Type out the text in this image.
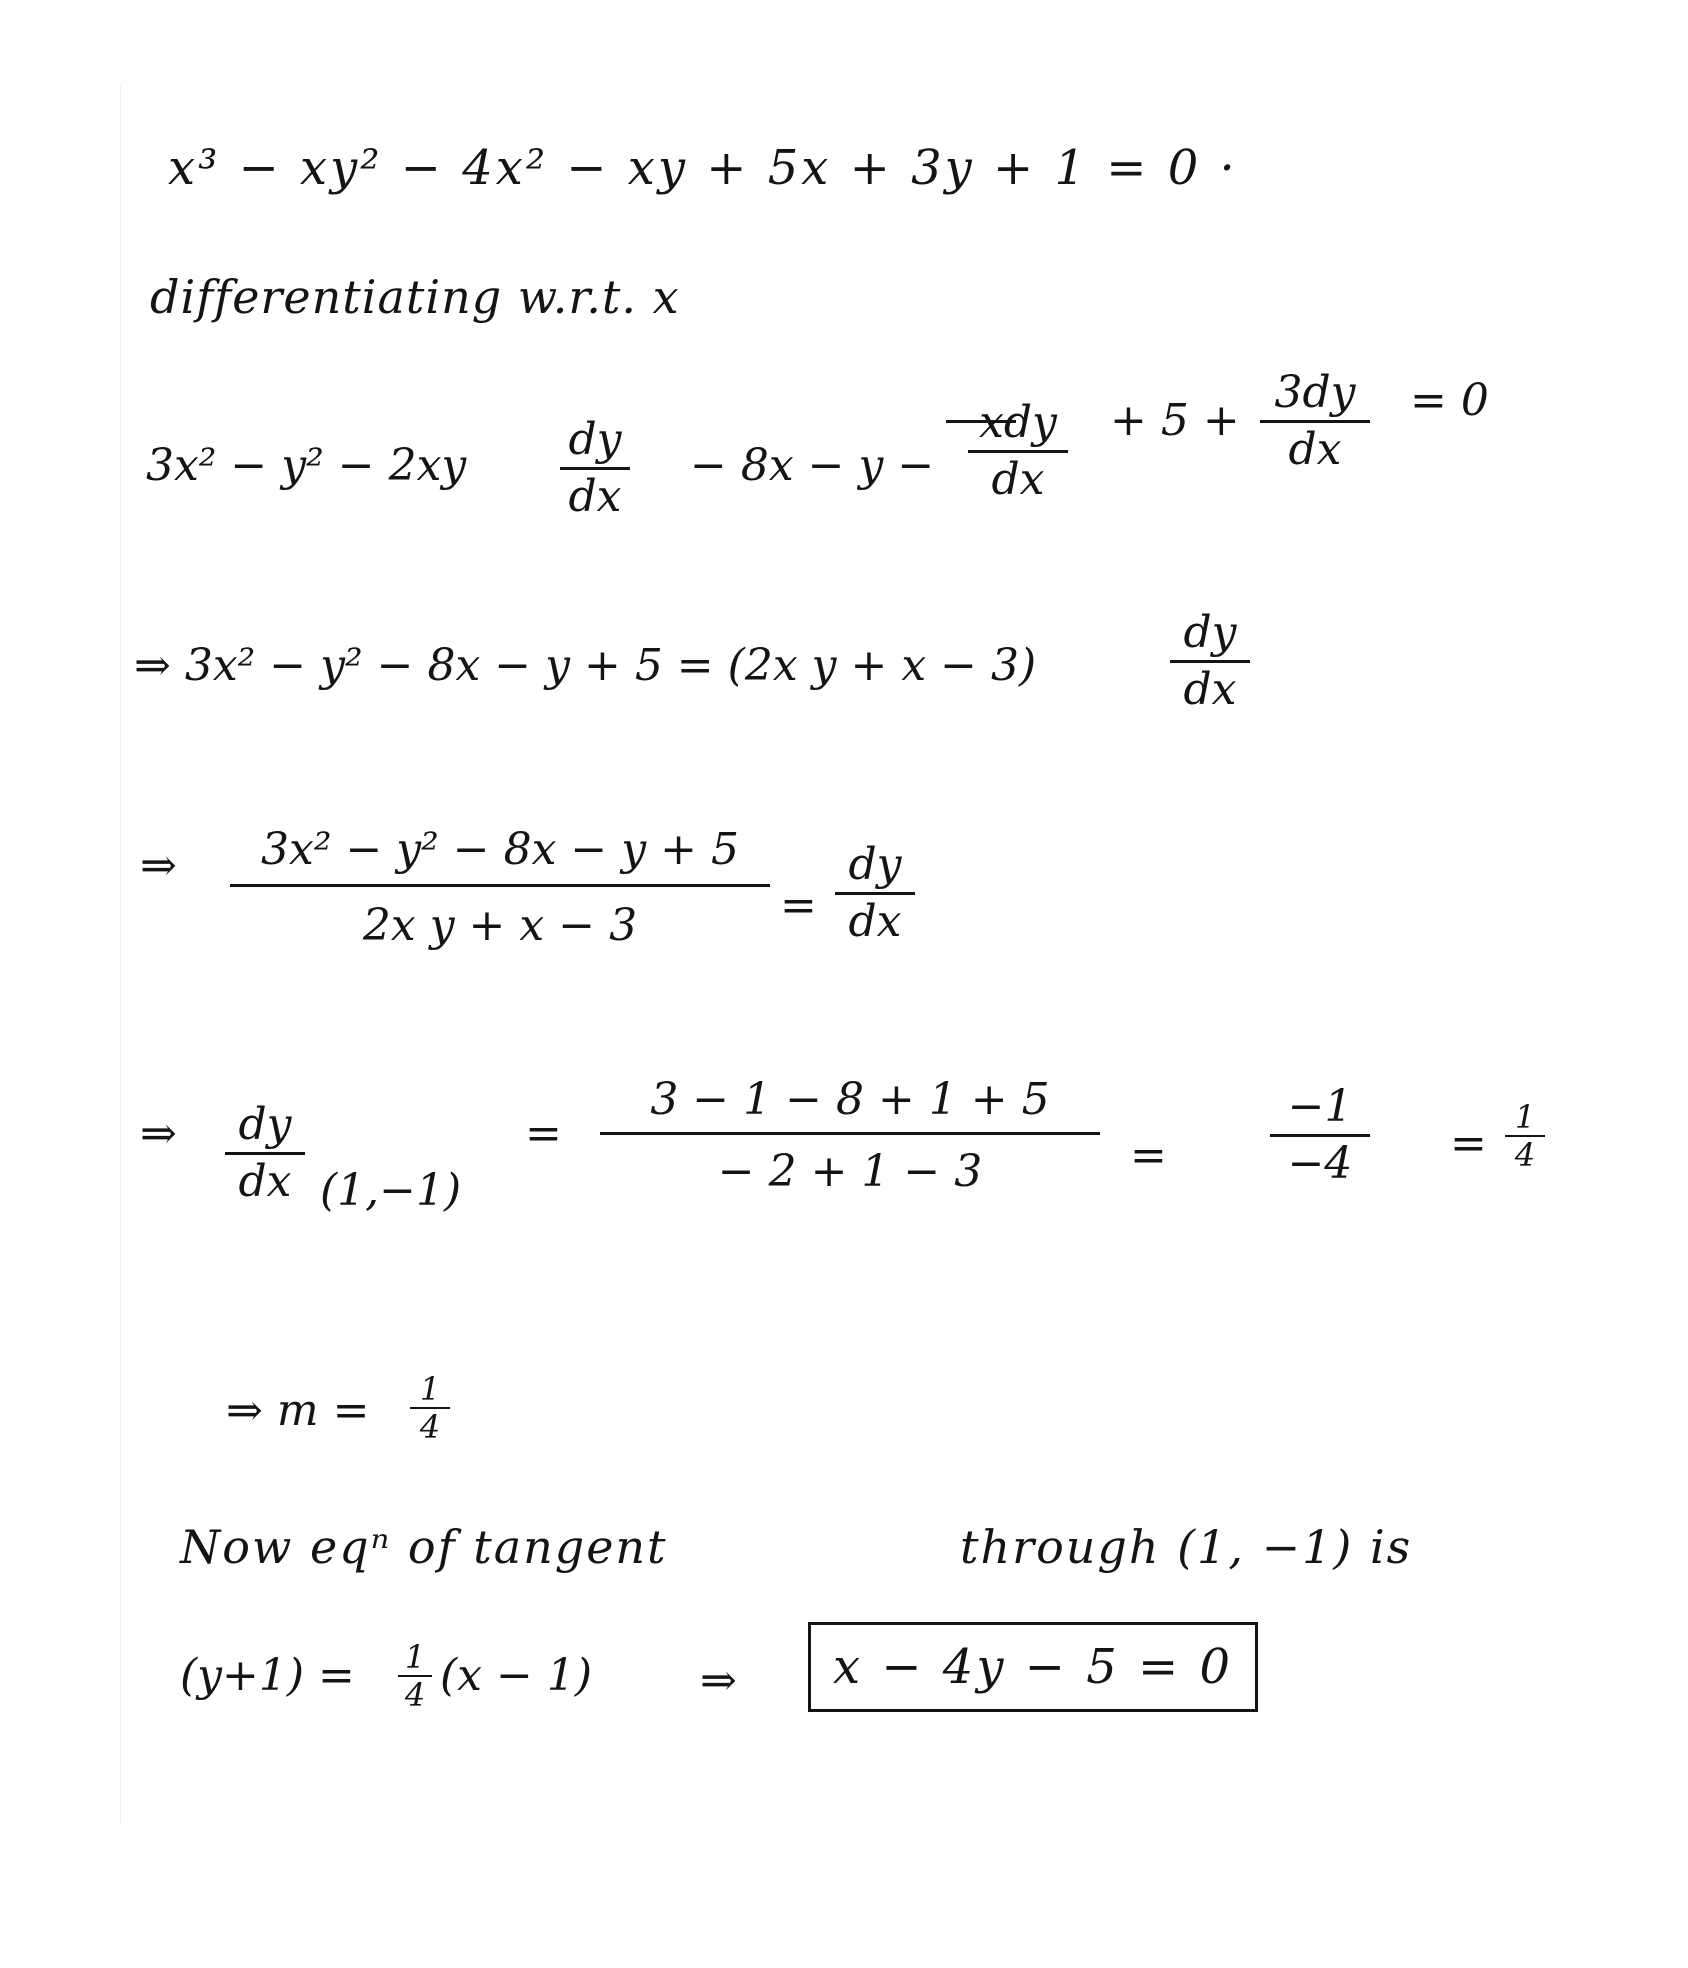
x³ − xy² − 4x² − xy + 5x + 3y + 1 = 0 ·
differentiating w.r.t. x
3x² − y² − 2xy
dy
dx
− 8x − y −
xdy
dx
+ 5 +
3dy
dx
= 0
⇒ 3x² − y² − 8x − y + 5 = (2x y + x − 3)
dy
dx
⇒	3x² − y² − 8x − y + 5
2x y + x − 3	=
dy
dx
⇒	dy
dx (1,−1)
=
3 − 1 − 8 + 1 + 5
− 2 + 1 − 3	=
−1
−4	=
1
4
⇒ m =	1
4
Now eqⁿ of tangent	through (1, −1) is
(y+1) = 1
4 (x − 1) ⇒	x − 4y − 5 = 0
